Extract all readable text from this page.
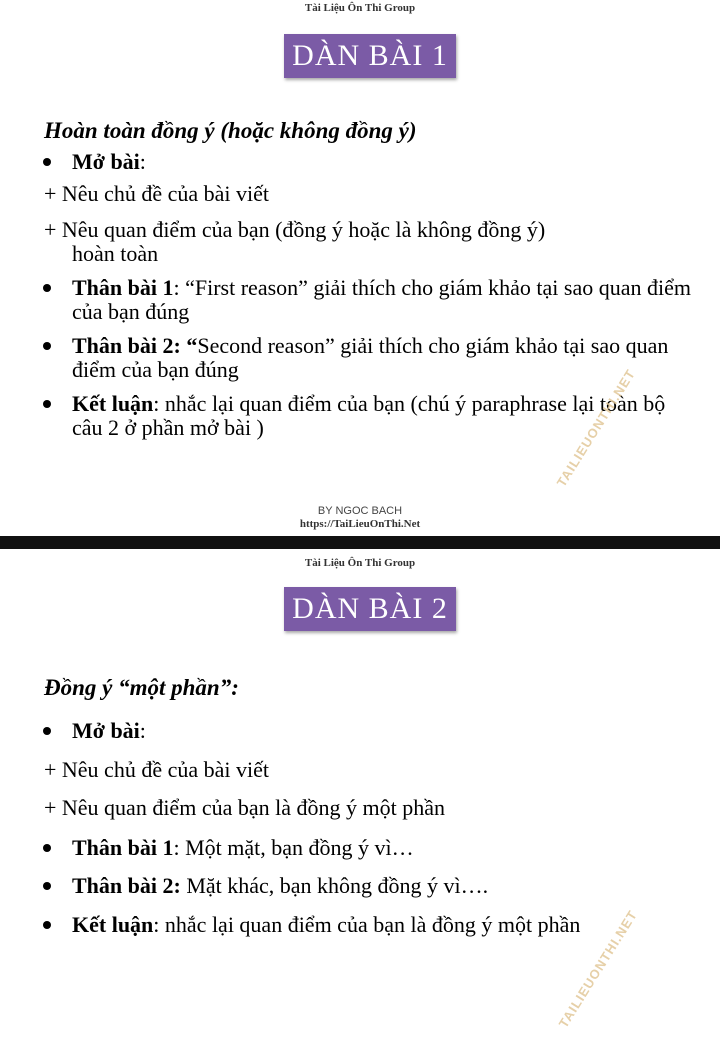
Tài Liệu Ôn Thi Group
DÀN BÀI 1
Hoàn toàn đồng ý (hoặc không đồng ý)
Mở bài:
+ Nêu chủ đề của bài viết
+ Nêu quan điểm của bạn (đồng ý hoặc là không đồng ý)
hoàn toàn
Thân bài 1: “First reason” giải thích cho giám khảo tại sao quan điểm của bạn đúng
Thân bài 2: “Second reason” giải thích cho giám khảo tại sao quan điểm của bạn đúng
Kết luận: nhắc lại quan điểm của bạn (chú ý paraphrase lại toàn bộ câu 2 ở phần mở bài )	TAILIEUONTHI.NET
BY NGOC BACH
https://TaiLieuOnThi.Net
Tài Liệu Ôn Thi Group
DÀN BÀI 2
Đồng ý “một phần”:
Mở bài:
+ Nêu chủ đề của bài viết
+ Nêu quan điểm của bạn là đồng ý một phần
Thân bài 1: Một mặt, bạn đồng ý vì…
Thân bài 2: Mặt khác, bạn không đồng ý vì….
Kết luận: nhắc lại quan điểm của bạn là đồng ý một phần
TAILIEUONTHI.NET
